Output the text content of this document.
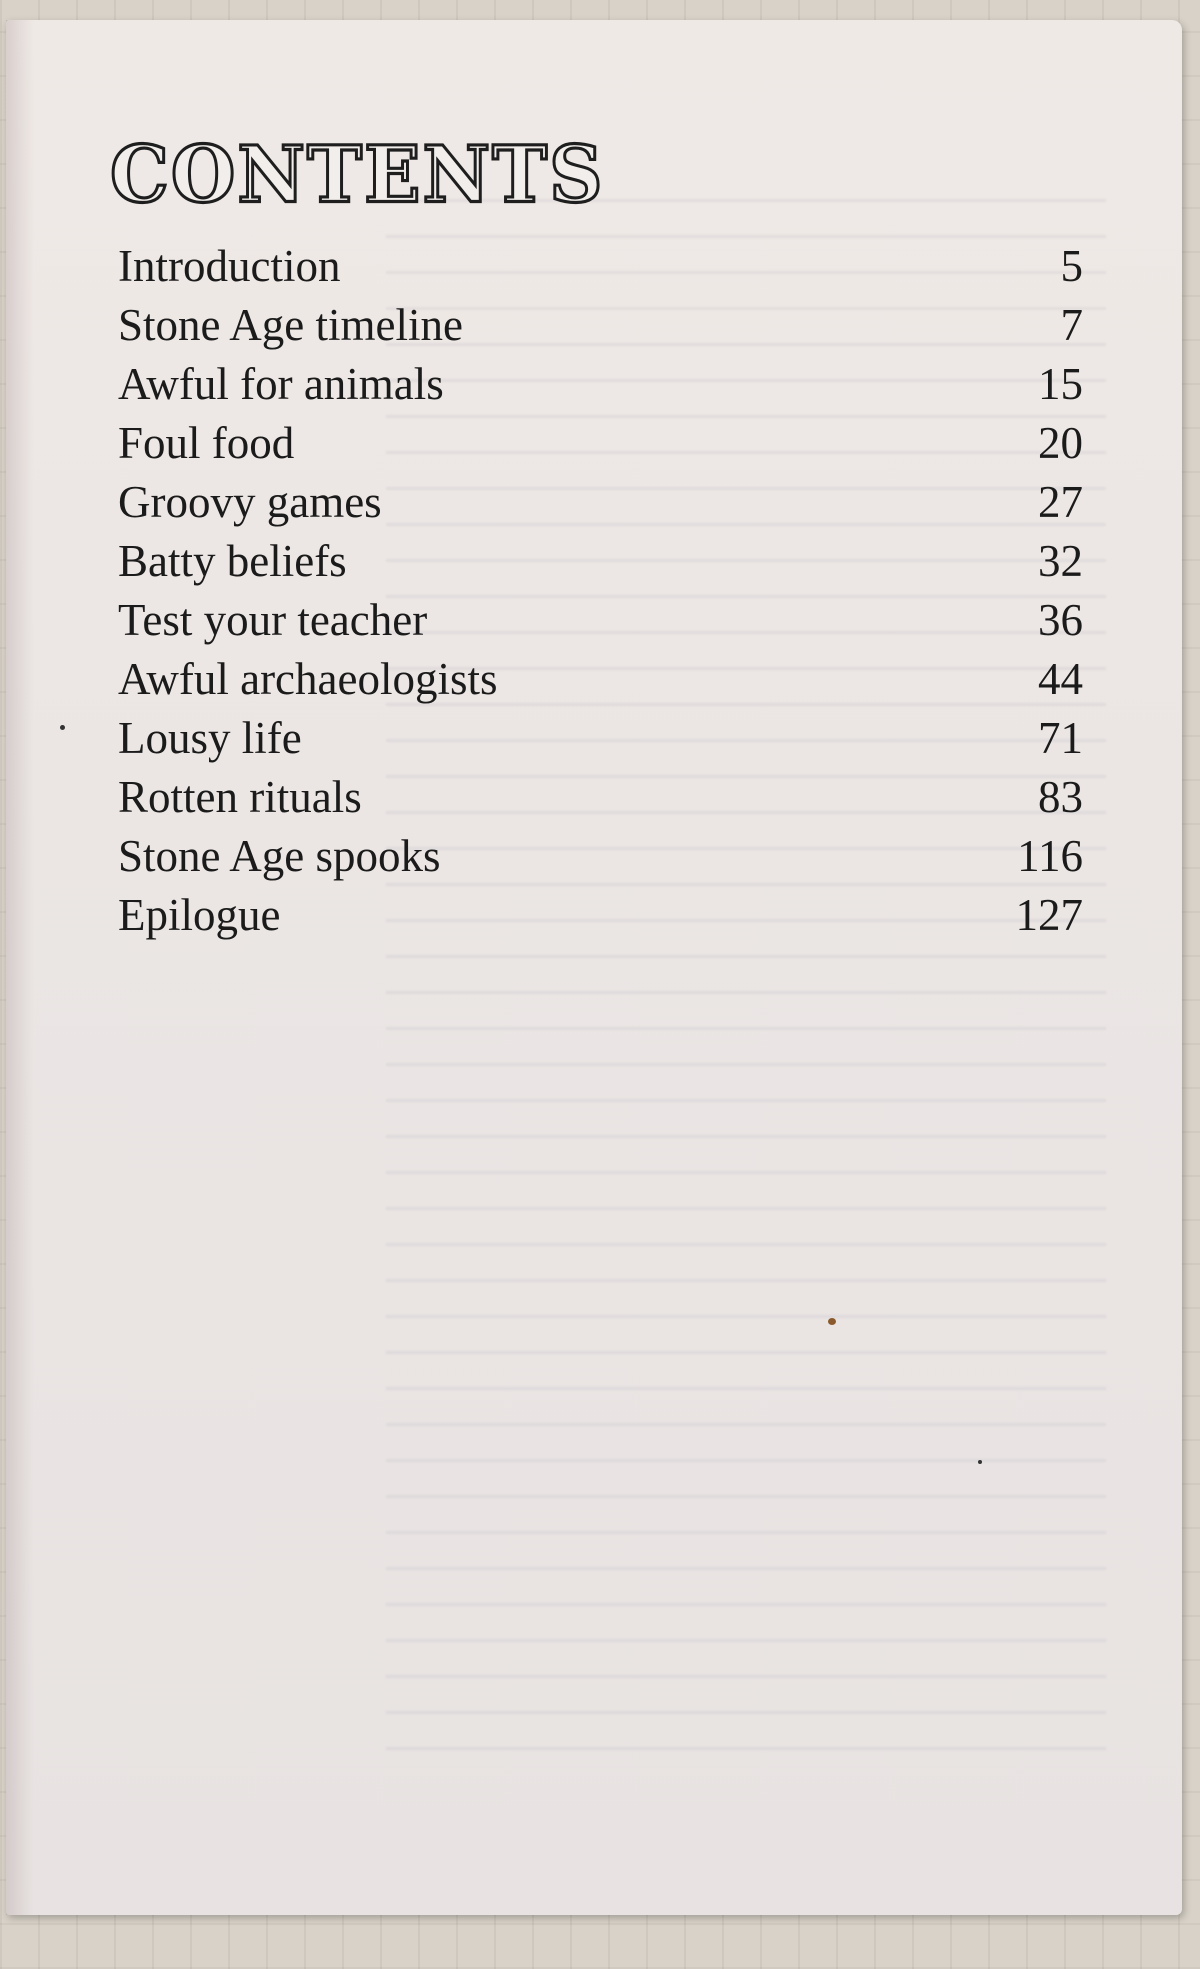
CONTENTS
Introduction	5
Stone Age timeline	7
Awful for animals	15
Foul food	20
Groovy games	27
Batty beliefs	32
Test your teacher	36
Awful archaeologists	44
Lousy life	71
Rotten rituals	83
Stone Age spooks	116
Epilogue	127
